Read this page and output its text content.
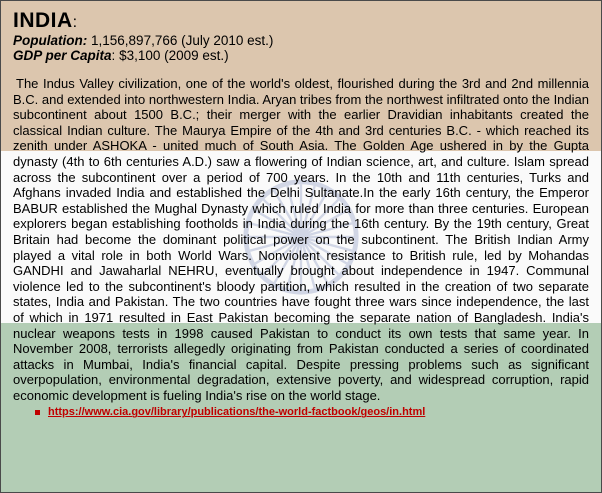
INDIA:
Population: 1,156,897,766 (July 2010 est.)
GDP per Capita: $3,100 (2009 est.)

The Indus Valley civilization, one of the world's oldest, flourished during the 3rd and 2nd millennia B.C. and extended into northwestern India. Aryan tribes from the northwest infiltrated onto the Indian subcontinent about 1500 B.C.; their merger with the earlier Dravidian inhabitants created the classical Indian culture. The Maurya Empire of the 4th and 3rd centuries B.C. - which reached its zenith under ASHOKA - united much of South Asia. The Golden Age ushered in by the Gupta dynasty (4th to 6th centuries A.D.) saw a flowering of Indian science, art, and culture. Islam spread across the subcontinent over a period of 700 years. In the 10th and 11th centuries, Turks and Afghans invaded India and established the Delhi Sultanate.In the early 16th century, the Emperor BABUR established the Mughal Dynasty which ruled India for more than three centuries. European explorers began establishing footholds in India during the 16th century. By the 19th century, Great Britain had become the dominant political power on the subcontinent. The British Indian Army played a vital role in both World Wars. Nonviolent resistance to British rule, led by Mohandas GANDHI and Jawaharlal NEHRU, eventually brought about independence in 1947. Communal violence led to the subcontinent's bloody partition, which resulted in the creation of two separate states, India and Pakistan. The two countries have fought three wars since independence, the last of which in 1971 resulted in East Pakistan becoming the separate nation of Bangladesh. India's nuclear weapons tests in 1998 caused Pakistan to conduct its own tests that same year. In November 2008, terrorists allegedly originating from Pakistan conducted a series of coordinated attacks in Mumbai, India's financial capital. Despite pressing problems such as significant overpopulation, environmental degradation, extensive poverty, and widespread corruption, rapid economic development is fueling India's rise on the world stage.

https://www.cia.gov/library/publications/the-world-factbook/geos/in.html
